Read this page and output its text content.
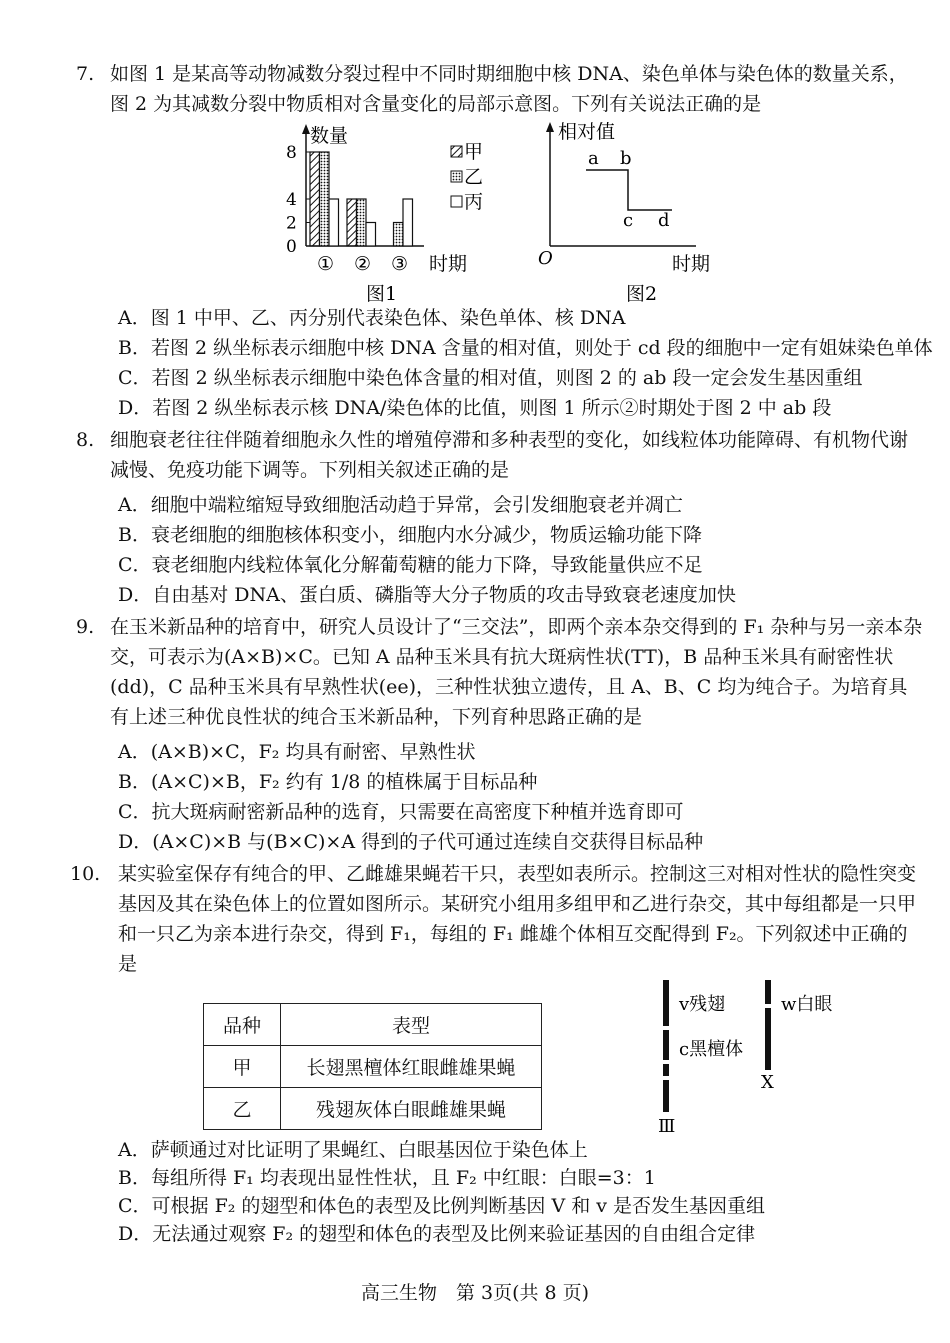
7. 如图 1 是某高等动物减数分裂过程中不同时期细胞中核 DNA、染色单体与染色体的数量关系，图 2 为其减数分裂中物质相对含量变化的局部示意图。下列有关说法正确的是
8
4
2
0
数量
甲
乙
丙
① ② ③ 时期
图1
相对值
a b
c d
O	时期
图2
A．图 1 中甲、乙、丙分别代表染色体、染色单体、核 DNA
B．若图 2 纵坐标表示细胞中核 DNA 含量的相对值，则处于 cd 段的细胞中一定有姐妹染色单体
C．若图 2 纵坐标表示细胞中染色体含量的相对值，则图 2 的 ab 段一定会发生基因重组
D．若图 2 纵坐标表示核 DNA/染色体的比值，则图 1 所示②时期处于图 2 中 ab 段
8. 细胞衰老往往伴随着细胞永久性的增殖停滞和多种表型的变化，如线粒体功能障碍、有机物代谢减慢、免疫功能下调等。下列相关叙述正确的是
A．细胞中端粒缩短导致细胞活动趋于异常，会引发细胞衰老并凋亡
B．衰老细胞的细胞核体积变小，细胞内水分减少，物质运输功能下降
C．衰老细胞内线粒体氧化分解葡萄糖的能力下降，导致能量供应不足
D．自由基对 DNA、蛋白质、磷脂等大分子物质的攻击导致衰老速度加快
9. 在玉米新品种的培育中，研究人员设计了“三交法”，即两个亲本杂交得到的 F₁ 杂种与另一亲本杂交，可表示为(A×B)×C。已知 A 品种玉米具有抗大斑病性状(TT)，B 品种玉米具有耐密性状(dd)，C 品种玉米具有早熟性状(ee)，三种性状独立遗传，且 A、B、C 均为纯合子。为培育具有上述三种优良性状的纯合玉米新品种，下列育种思路正确的是
A．(A×B)×C，F₂ 均具有耐密、早熟性状
B．(A×C)×B，F₂ 约有 1/8 的植株属于目标品种
C．抗大斑病耐密新品种的选育，只需要在高密度下种植并选育即可
D．(A×C)×B 与(B×C)×A 得到的子代可通过连续自交获得目标品种
10. 某实验室保存有纯合的甲、乙雌雄果蝇若干只，表型如表所示。控制这三对相对性状的隐性突变基因及其在染色体上的位置如图所示。某研究小组用多组甲和乙进行杂交，其中每组都是一只甲和一只乙为亲本进行杂交，得到 F₁，每组的 F₁ 雌雄个体相互交配得到 F₂。下列叙述中正确的是
品种	表型
甲	长翅黑檀体红眼雌雄果蝇
乙	残翅灰体白眼雌雄果蝇
v残翅
c黑檀体
Ⅲ
w白眼
X
A．萨顿通过对比证明了果蝇红、白眼基因位于染色体上
B．每组所得 F₁ 均表现出显性性状，且 F₂ 中红眼：白眼=3：1
C．可根据 F₂ 的翅型和体色的表型及比例判断基因 V 和 v 是否发生基因重组
D．无法通过观察 F₂ 的翅型和体色的表型及比例来验证基因的自由组合定律
高三生物　第 3页(共 8 页)
